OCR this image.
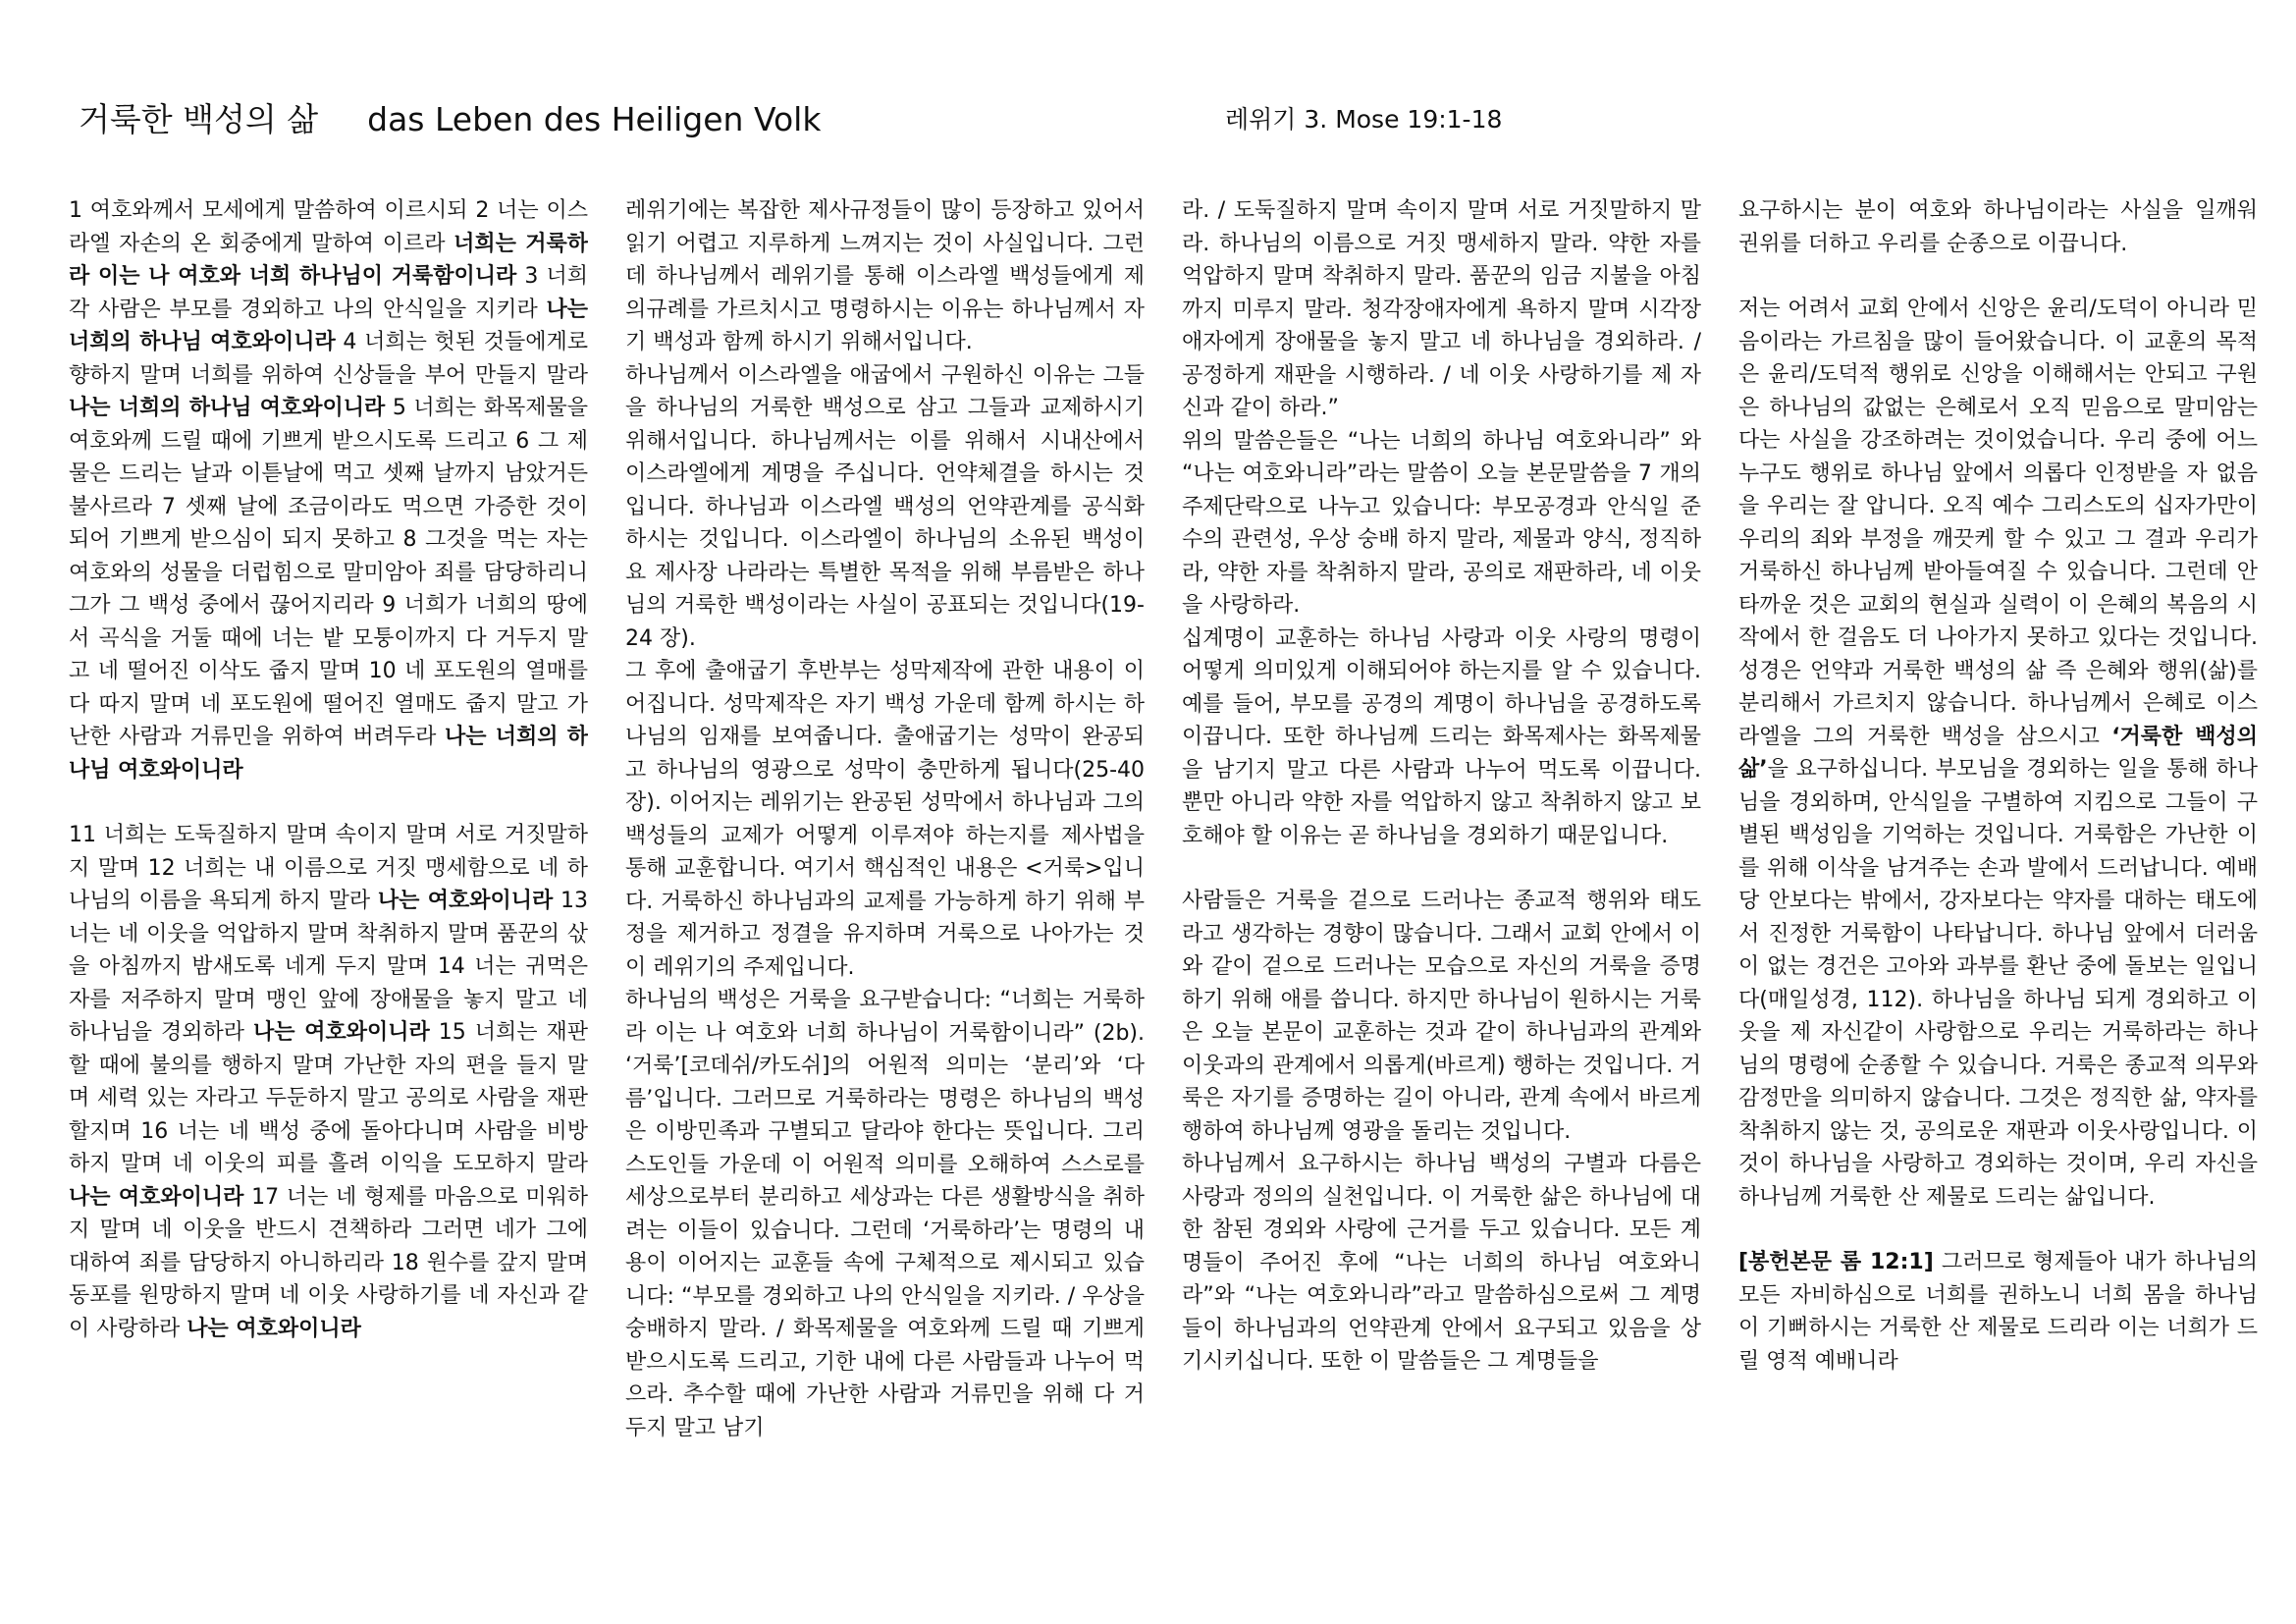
거룩한 백성의 삶 das Leben des Heiligen Volk	레위기 3. Mose 19:1-18

1 여호와께서 모세에게 말씀하여 이르시되 2 너는 이스라엘 자손의 온 회중에게 말하여 이르라 너희는 거룩하라 이는 나 여호와 너희 하나님이 거룩함이니라 3 너희 각 사람은 부모를 경외하고 나의 안식일을 지키라 나는 너희의 하나님 여호와이니라 4 너희는 헛된 것들에게로 향하지 말며 너희를 위하여 신상들을 부어 만들지 말라 나는 너희의 하나님 여호와이니라 5 너희는 화목제물을 여호와께 드릴 때에 기쁘게 받으시도록 드리고 6 그 제물은 드리는 날과 이튿날에 먹고 셋째 날까지 남았거든 불사르라 7 셋째 날에 조금이라도 먹으면 가증한 것이 되어 기쁘게 받으심이 되지 못하고 8 그것을 먹는 자는 여호와의 성물을 더럽힘으로 말미암아 죄를 담당하리니 그가 그 백성 중에서 끊어지리라 9 너희가 너희의 땅에서 곡식을 거둘 때에 너는 밭 모퉁이까지 다 거두지 말고 네 떨어진 이삭도 줍지 말며 10 네 포도원의 열매를 다 따지 말며 네 포도원에 떨어진 열매도 줍지 말고 가난한 사람과 거류민을 위하여 버려두라 나는 너희의 하나님 여호와이니라

11 너희는 도둑질하지 말며 속이지 말며 서로 거짓말하지 말며 12 너희는 내 이름으로 거짓 맹세함으로 네 하나님의 이름을 욕되게 하지 말라 나는 여호와이니라 13 너는 네 이웃을 억압하지 말며 착취하지 말며 품꾼의 삯을 아침까지 밤새도록 네게 두지 말며 14 너는 귀먹은 자를 저주하지 말며 맹인 앞에 장애물을 놓지 말고 네 하나님을 경외하라 나는 여호와이니라 15 너희는 재판할 때에 불의를 행하지 말며 가난한 자의 편을 들지 말며 세력 있는 자라고 두둔하지 말고 공의로 사람을 재판할지며 16 너는 네 백성 중에 돌아다니며 사람을 비방하지 말며 네 이웃의 피를 흘려 이익을 도모하지 말라 나는 여호와이니라 17 너는 네 형제를 마음으로 미워하지 말며 네 이웃을 반드시 견책하라 그러면 네가 그에 대하여 죄를 담당하지 아니하리라 18 원수를 갚지 말며 동포를 원망하지 말며 네 이웃 사랑하기를 네 자신과 같이 사랑하라 나는 여호와이니라

레위기에는 복잡한 제사규정들이 많이 등장하고 있어서 읽기 어렵고 지루하게 느껴지는 것이 사실입니다. 그런데 하나님께서 레위기를 통해 이스라엘 백성들에게 제의규례를 가르치시고 명령하시는 이유는 하나님께서 자기 백성과 함께 하시기 위해서입니다.

하나님께서 이스라엘을 애굽에서 구원하신 이유는 그들을 하나님의 거룩한 백성으로 삼고 그들과 교제하시기 위해서입니다. 하나님께서는 이를 위해서 시내산에서 이스라엘에게 계명을 주십니다. 언약체결을 하시는 것입니다. 하나님과 이스라엘 백성의 언약관계를 공식화 하시는 것입니다. 이스라엘이 하나님의 소유된 백성이요 제사장 나라라는 특별한 목적을 위해 부름받은 하나님의 거룩한 백성이라는 사실이 공표되는 것입니다(19-24 장).

그 후에 출애굽기 후반부는 성막제작에 관한 내용이 이어집니다. 성막제작은 자기 백성 가운데 함께 하시는 하나님의 임재를 보여줍니다. 출애굽기는 성막이 완공되고 하나님의 영광으로 성막이 충만하게 됩니다(25-40 장). 이어지는 레위기는 완공된 성막에서 하나님과 그의 백성들의 교제가 어떻게 이루져야 하는지를 제사법을 통해 교훈합니다. 여기서 핵심적인 내용은 <거룩>입니다. 거룩하신 하나님과의 교제를 가능하게 하기 위해 부정을 제거하고 정결을 유지하며 거룩으로 나아가는 것이 레위기의 주제입니다.

하나님의 백성은 거룩을 요구받습니다: “너희는 거룩하라 이는 나 여호와 너희 하나님이 거룩함이니라” (2b). ‘거룩’[코데쉬/카도쉬]의 어원적 의미는 ‘분리’와 ‘다름’입니다. 그러므로 거룩하라는 명령은 하나님의 백성은 이방민족과 구별되고 달라야 한다는 뜻입니다. 그리스도인들 가운데 이 어원적 의미를 오해하여 스스로를 세상으로부터 분리하고 세상과는 다른 생활방식을 취하려는 이들이 있습니다. 그런데 ‘거룩하라’는 명령의 내용이 이어지는 교훈들 속에 구체적으로 제시되고 있습니다: “부모를 경외하고 나의 안식일을 지키라. / 우상을 숭배하지 말라. / 화목제물을 여호와께 드릴 때 기쁘게 받으시도록 드리고, 기한 내에 다른 사람들과 나누어 먹으라. 추수할 때에 가난한 사람과 거류민을 위해 다 거두지 말고 남기

라. / 도둑질하지 말며 속이지 말며 서로 거짓말하지 말라. 하나님의 이름으로 거짓 맹세하지 말라. 약한 자를 억압하지 말며 착취하지 말라. 품꾼의 임금 지불을 아침까지 미루지 말라. 청각장애자에게 욕하지 말며 시각장애자에게 장애물을 놓지 말고 네 하나님을 경외하라. / 공정하게 재판을 시행하라. / 네 이웃 사랑하기를 제 자신과 같이 하라.”

위의 말씀은들은 “나는 너희의 하나님 여호와니라” 와 “나는 여호와니라”라는 말씀이 오늘 본문말씀을 7 개의 주제단락으로 나누고 있습니다: 부모공경과 안식일 준수의 관련성, 우상 숭배 하지 말라, 제물과 양식, 정직하라, 약한 자를 착취하지 말라, 공의로 재판하라, 네 이웃을 사랑하라.

십계명이 교훈하는 하나님 사랑과 이웃 사랑의 명령이 어떻게 의미있게 이해되어야 하는지를 알 수 있습니다. 예를 들어, 부모를 공경의 계명이 하나님을 공경하도록 이끕니다. 또한 하나님께 드리는 화목제사는 화목제물을 남기지 말고 다른 사람과 나누어 먹도록 이끕니다. 뿐만 아니라 약한 자를 억압하지 않고 착취하지 않고 보호해야 할 이유는 곧 하나님을 경외하기 때문입니다.

사람들은 거룩을 겉으로 드러나는 종교적 행위와 태도라고 생각하는 경향이 많습니다. 그래서 교회 안에서 이와 같이 겉으로 드러나는 모습으로 자신의 거룩을 증명하기 위해 애를 씁니다. 하지만 하나님이 원하시는 거룩은 오늘 본문이 교훈하는 것과 같이 하나님과의 관계와 이웃과의 관계에서 의롭게(바르게) 행하는 것입니다. 거룩은 자기를 증명하는 길이 아니라, 관계 속에서 바르게 행하여 하나님께 영광을 돌리는 것입니다.

하나님께서 요구하시는 하나님 백성의 구별과 다름은 사랑과 정의의 실천입니다. 이 거룩한 삶은 하나님에 대한 참된 경외와 사랑에 근거를 두고 있습니다. 모든 계명들이 주어진 후에 “나는 너희의 하나님 여호와니라”와 “나는 여호와니라”라고 말씀하심으로써 그 계명들이 하나님과의 언약관계 안에서 요구되고 있음을 상기시키십니다. 또한 이 말씀들은 그 계명들을

요구하시는 분이 여호와 하나님이라는 사실을 일깨워 권위를 더하고 우리를 순종으로 이끕니다.

저는 어려서 교회 안에서 신앙은 윤리/도덕이 아니라 믿음이라는 가르침을 많이 들어왔습니다. 이 교훈의 목적은 윤리/도덕적 행위로 신앙을 이해해서는 안되고 구원은 하나님의 값없는 은혜로서 오직 믿음으로 말미암는다는 사실을 강조하려는 것이었습니다. 우리 중에 어느 누구도 행위로 하나님 앞에서 의롭다 인정받을 자 없음을 우리는 잘 압니다. 오직 예수 그리스도의 십자가만이 우리의 죄와 부정을 깨끗케 할 수 있고 그 결과 우리가 거룩하신 하나님께 받아들여질 수 있습니다. 그런데 안타까운 것은 교회의 현실과 실력이 이 은혜의 복음의 시작에서 한 걸음도 더 나아가지 못하고 있다는 것입니다. 성경은 언약과 거룩한 백성의 삶 즉 은혜와 행위(삶)를 분리해서 가르치지 않습니다. 하나님께서 은혜로 이스라엘을 그의 거룩한 백성을 삼으시고 ‘거룩한 백성의 삶’을 요구하십니다. 부모님을 경외하는 일을 통해 하나님을 경외하며, 안식일을 구별하여 지킴으로 그들이 구별된 백성임을 기억하는 것입니다. 거룩함은 가난한 이를 위해 이삭을 남겨주는 손과 발에서 드러납니다. 예배당 안보다는 밖에서, 강자보다는 약자를 대하는 태도에서 진정한 거룩함이 나타납니다. 하나님 앞에서 더러움이 없는 경건은 고아와 과부를 환난 중에 돌보는 일입니다(매일성경, 112). 하나님을 하나님 되게 경외하고 이웃을 제 자신같이 사랑함으로 우리는 거룩하라는 하나님의 명령에 순종할 수 있습니다. 거룩은 종교적 의무와 감정만을 의미하지 않습니다. 그것은 정직한 삶, 약자를 착취하지 않는 것, 공의로운 재판과 이웃사랑입니다. 이것이 하나님을 사랑하고 경외하는 것이며, 우리 자신을 하나님께 거룩한 산 제물로 드리는 삶입니다.

[봉헌본문 롬 12:1] 그러므로 형제들아 내가 하나님의 모든 자비하심으로 너희를 권하노니 너희 몸을 하나님이 기뻐하시는 거룩한 산 제물로 드리라 이는 너희가 드릴 영적 예배니라
